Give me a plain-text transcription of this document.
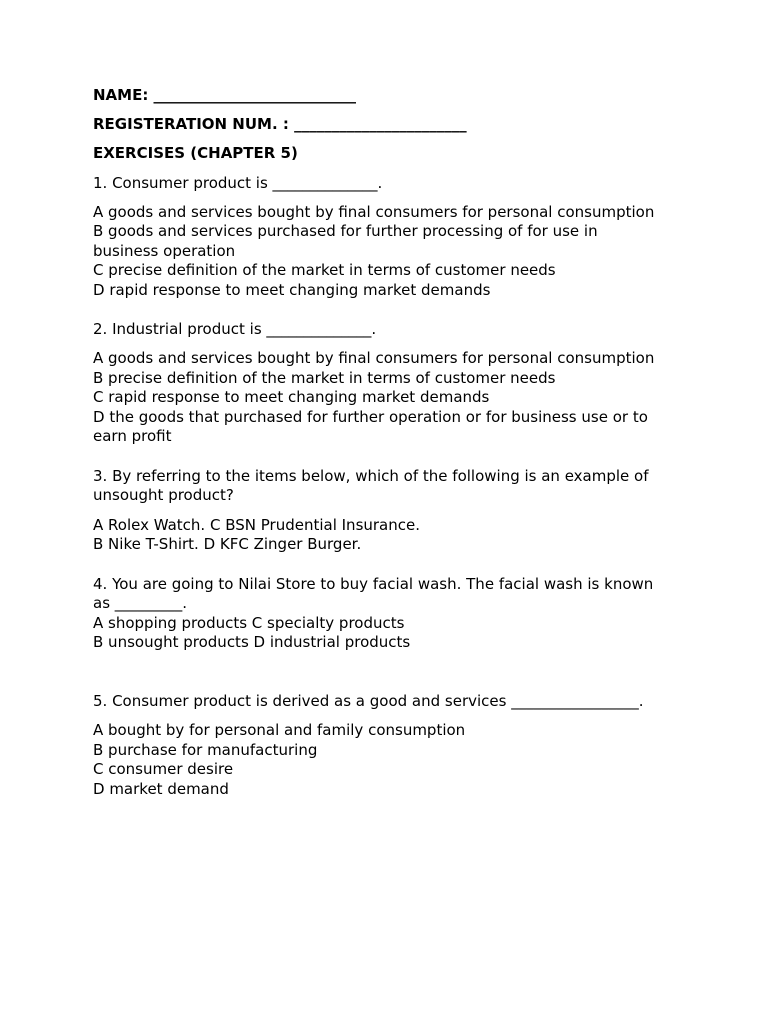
NAME: ___________________________
REGISTERATION NUM. : _______________________
EXERCISES (CHAPTER 5)
1. Consumer product is ______________.
A goods and services bought by final consumers for personal consumption
B goods and services purchased for further processing of for use in
business operation
C precise definition of the market in terms of customer needs
D rapid response to meet changing market demands
2. Industrial product is ______________.
A goods and services bought by final consumers for personal consumption
B precise definition of the market in terms of customer needs
C rapid response to meet changing market demands
D the goods that purchased for further operation or for business use or to
earn profit
3. By referring to the items below, which of the following is an example of
unsought product?
A Rolex Watch. C BSN Prudential Insurance.
B Nike T-Shirt. D KFC Zinger Burger.
4. You are going to Nilai Store to buy facial wash. The facial wash is known
as _________.
A shopping products C specialty products
B unsought products D industrial products
5. Consumer product is derived as a good and services _________________.
A bought by for personal and family consumption
B purchase for manufacturing
C consumer desire
D market demand
